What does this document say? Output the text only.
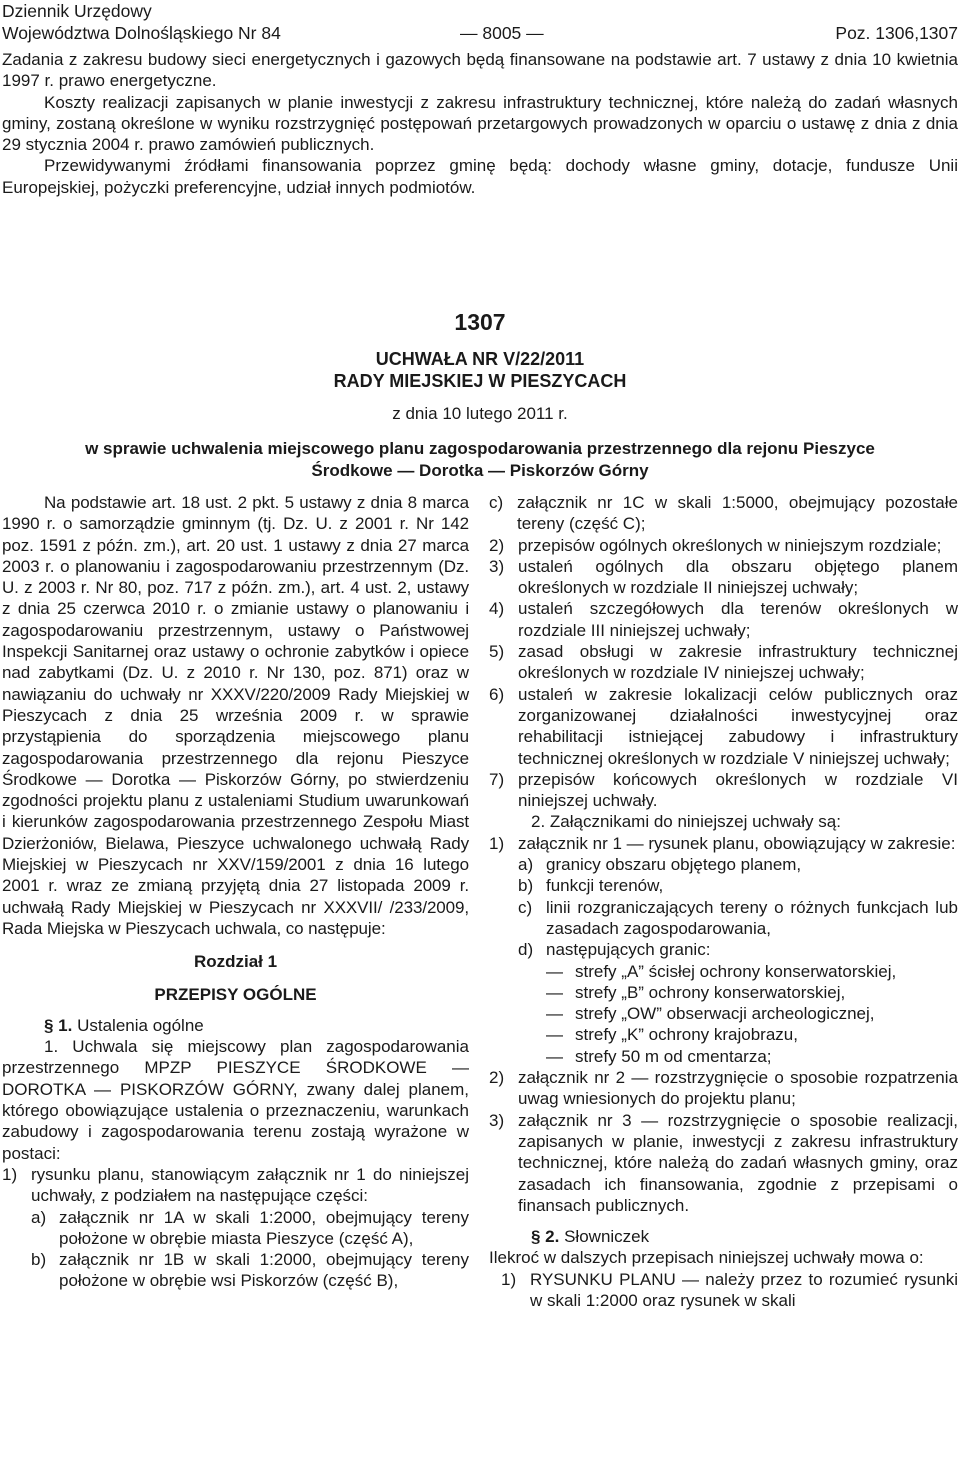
Dziennik Urzędowy
Województwa Dolnośląskiego Nr 84	— 8005 —	Poz. 1306,1307

Zadania z zakresu budowy sieci energetycznych i gazowych będą finansowane na podstawie art. 7 ustawy z dnia 10 kwietnia 1997 r. prawo energetyczne.

Koszty realizacji zapisanych w planie inwestycji z zakresu infrastruktury technicznej, które należą do zadań własnych gminy, zostaną określone w wyniku rozstrzygnięć postępowań przetargowych prowadzonych w oparciu o ustawę z dnia z dnia 29 stycznia 2004 r. prawo zamówień publicznych.

Przewidywanymi źródłami finansowania poprzez gminę będą: dochody własne gminy, dotacje, fundusze Unii Europejskiej, pożyczki preferencyjne, udział innych podmiotów.

1307
UCHWAŁA NR V/22/2011
RADY MIEJSKIEJ W PIESZYCACH
z dnia 10 lutego 2011 r.
w sprawie uchwalenia miejscowego planu zagospodarowania przestrzennego dla rejonu Pieszyce Środkowe — Dorotka — Piskorzów Górny

Na podstawie art. 18 ust. 2 pkt. 5 ustawy z dnia 8 marca 1990 r. o samorządzie gminnym (tj. Dz. U. z 2001 r. Nr 142 poz. 1591 z późn. zm.), art. 20 ust. 1 ustawy z dnia 27 marca 2003 r. o planowaniu i zagospodarowaniu przestrzennym (Dz. U. z 2003 r. Nr 80, poz. 717 z późn. zm.), art. 4 ust. 2, ustawy z dnia 25 czerwca 2010 r. o zmianie ustawy o planowaniu i zagospodarowaniu przestrzennym, ustawy o Państwowej Inspekcji Sanitarnej oraz ustawy o ochronie zabytków i opiece nad zabytkami (Dz. U. z 2010 r. Nr 130, poz. 871) oraz w nawiązaniu do uchwały nr XXXV/220/2009 Rady Miejskiej w Pieszycach z dnia 25 września 2009 r. w sprawie przystąpienia do sporządzenia miejscowego planu zagospodarowania przestrzennego dla rejonu Pieszyce Środkowe — Dorotka — Piskorzów Górny, po stwierdzeniu zgodności projektu planu z ustaleniami Studium uwarunkowań i kierunków zagospodarowania przestrzennego Zespołu Miast Dzierżoniów, Bielawa, Pieszyce uchwalonego uchwałą Rady Miejskiej w Pieszycach nr XXV/159/2001 z dnia 16 lutego 2001 r. wraz ze zmianą przyjętą dnia 27 listopada 2009 r. uchwałą Rady Miejskiej w Pieszycach nr XXXVII/ /233/2009, Rada Miejska w Pieszycach uchwala, co następuje:

Rozdział 1

PRZEPISY OGÓLNE

§ 1. Ustalenia ogólne

1. Uchwala się miejscowy plan zagospodarowania przestrzennego MPZP PIESZYCE ŚRODKOWE — DOROTKA — PISKORZÓW GÓRNY, zwany dalej planem, którego obowiązujące ustalenia o przeznaczeniu, warunkach zabudowy i zagospodarowania terenu zostają wyrażone w postaci:

1) rysunku planu, stanowiącym załącznik nr 1 do niniejszej uchwały, z podziałem na następujące części:
a) załącznik nr 1A w skali 1:2000, obejmujący tereny położone w obrębie miasta Pieszyce (część A),
b) załącznik nr 1B w skali 1:2000, obejmujący tereny położone w obrębie wsi Piskorzów (część B),
c) załącznik nr 1C w skali 1:5000, obejmujący pozostałe tereny (część C);
2) przepisów ogólnych określonych w niniejszym rozdziale;
3) ustaleń ogólnych dla obszaru objętego planem określonych w rozdziale II niniejszej uchwały;
4) ustaleń szczegółowych dla terenów określonych w rozdziale III niniejszej uchwały;
5) zasad obsługi w zakresie infrastruktury technicznej określonych w rozdziale IV niniejszej uchwały;
6) ustaleń w zakresie lokalizacji celów publicznych oraz zorganizowanej działalności inwestycyjnej oraz rehabilitacji istniejącej zabudowy i infrastruktury technicznej określonych w rozdziale V niniejszej uchwały;
7) przepisów końcowych określonych w rozdziale VI niniejszej uchwały.

2. Załącznikami do niniejszej uchwały są:

1) załącznik nr 1 — rysunek planu, obowiązujący w zakresie:
a) granicy obszaru objętego planem,
b) funkcji terenów,
c) linii rozgraniczających tereny o różnych funkcjach lub zasadach zagospodarowania,
d) następujących granic:
— strefy „A” ścisłej ochrony konserwatorskiej,
— strefy „B” ochrony konserwatorskiej,
— strefy „OW” obserwacji archeologicznej,
— strefy „K” ochrony krajobrazu,
— strefy 50 m od cmentarza;
2) załącznik nr 2 — rozstrzygnięcie o sposobie rozpatrzenia uwag wniesionych do projektu planu;
3) załącznik nr 3 — rozstrzygnięcie o sposobie realizacji, zapisanych w planie, inwestycji z zakresu infrastruktury technicznej, które należą do zadań własnych gminy, oraz zasadach ich finansowania, zgodnie z przepisami o finansach publicznych.

§ 2. Słowniczek

Ilekroć w dalszych przepisach niniejszej uchwały mowa o:

1) RYSUNKU PLANU — należy przez to rozumieć rysunki w skali 1:2000 oraz rysunek w skali
